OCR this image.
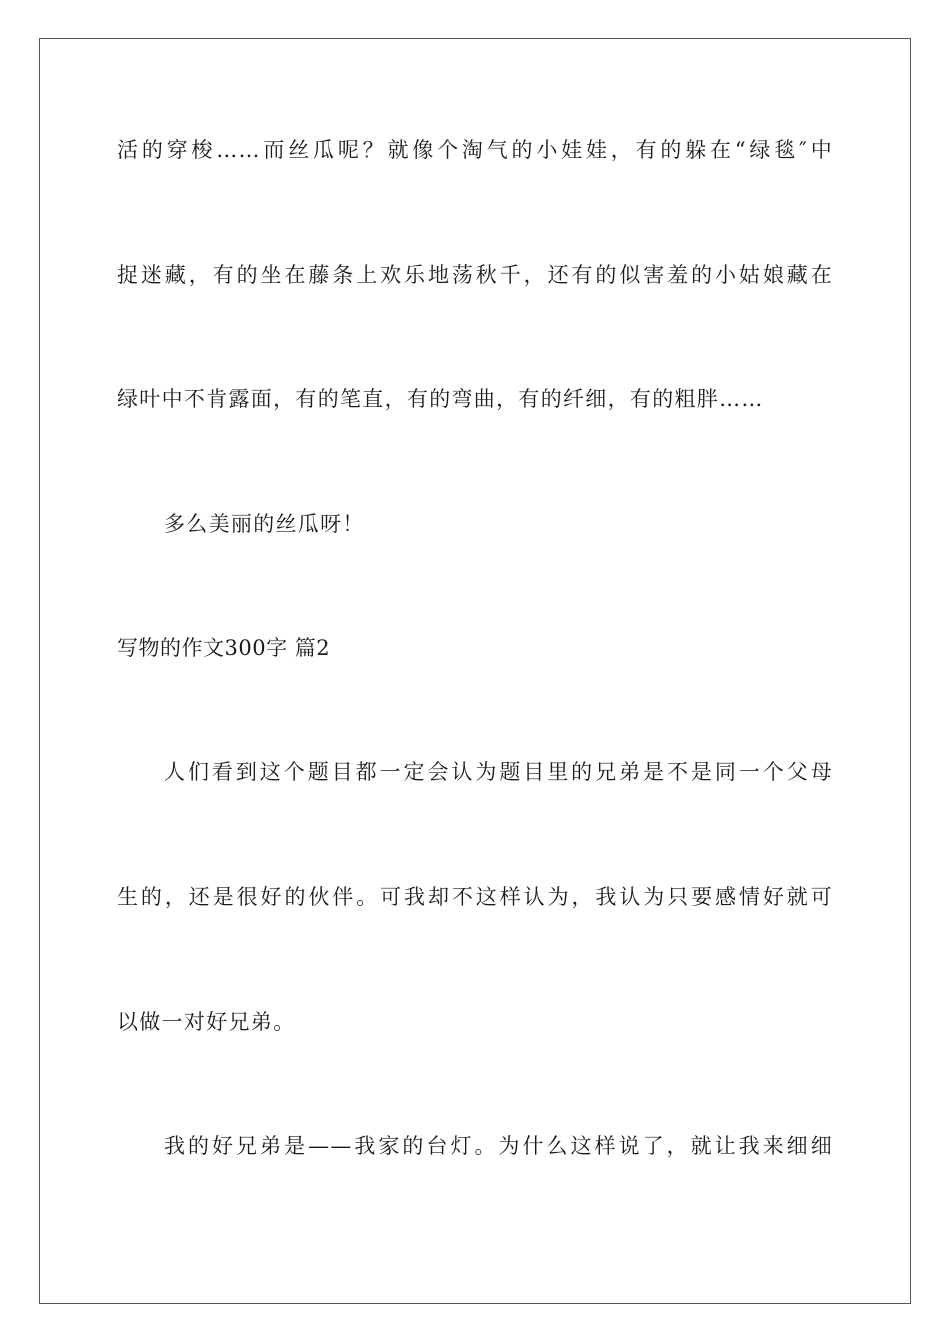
活的穿梭……而丝瓜呢？就像个淘气的小娃娃，有的躲在“绿毯″中
捉迷藏，有的坐在藤条上欢乐地荡秋千，还有的似害羞的小姑娘藏在
绿叶中不肯露面，有的笔直，有的弯曲，有的纤细，有的粗胖……
多么美丽的丝瓜呀！
写物的作文300字 篇2
人们看到这个题目都一定会认为题目里的兄弟是不是同一个父母
生的，还是很好的伙伴。可我却不这样认为，我认为只要感情好就可
以做一对好兄弟。
我的好兄弟是——我家的台灯。为什么这样说了，就让我来细细
